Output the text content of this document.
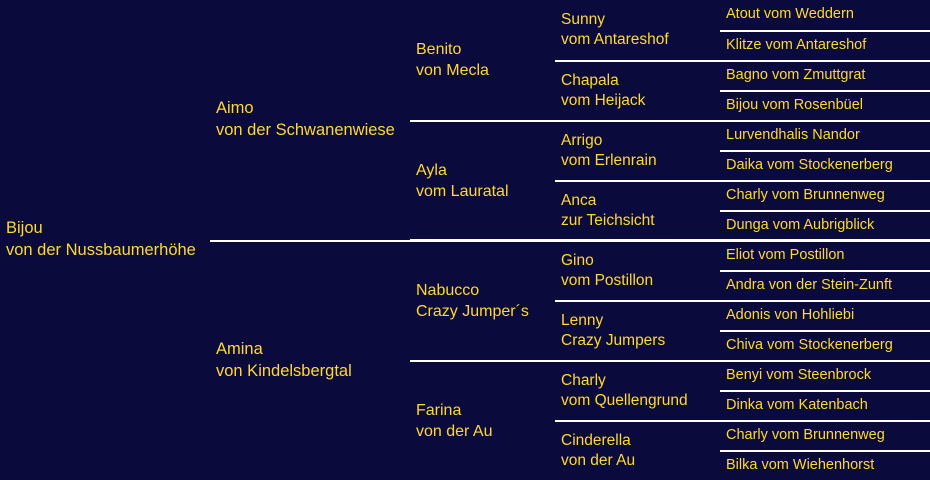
Bijou
von der Nussbaumerhöhe
Aimo
von der Schwanenwiese
Amina
von Kindelsbergtal
Benito
von Mecla
Ayla
vom Lauratal
Nabucco
Crazy Jumper´s
Farina
von der Au
Sunny
vom Antareshof
Chapala
vom Heijack
Arrigo
vom Erlenrain
Anca
zur Teichsicht
Gino
vom Postillon
Lenny
Crazy Jumpers
Charly
vom Quellengrund
Cinderella
von der Au
Atout vom Weddern
Klitze vom Antareshof
Bagno vom Zmuttgrat
Bijou vom Rosenbüel
Lurvendhalis Nandor
Daika vom Stockenerberg
Charly vom Brunnenweg
Dunga vom Aubrigblick
Eliot vom Postillon
Andra von der Stein-Zunft
Adonis von Hohliebi
Chiva vom Stockenerberg
Benyi vom Steenbrock
Dinka vom Katenbach
Charly vom Brunnenweg
Bilka vom Wiehenhorst
